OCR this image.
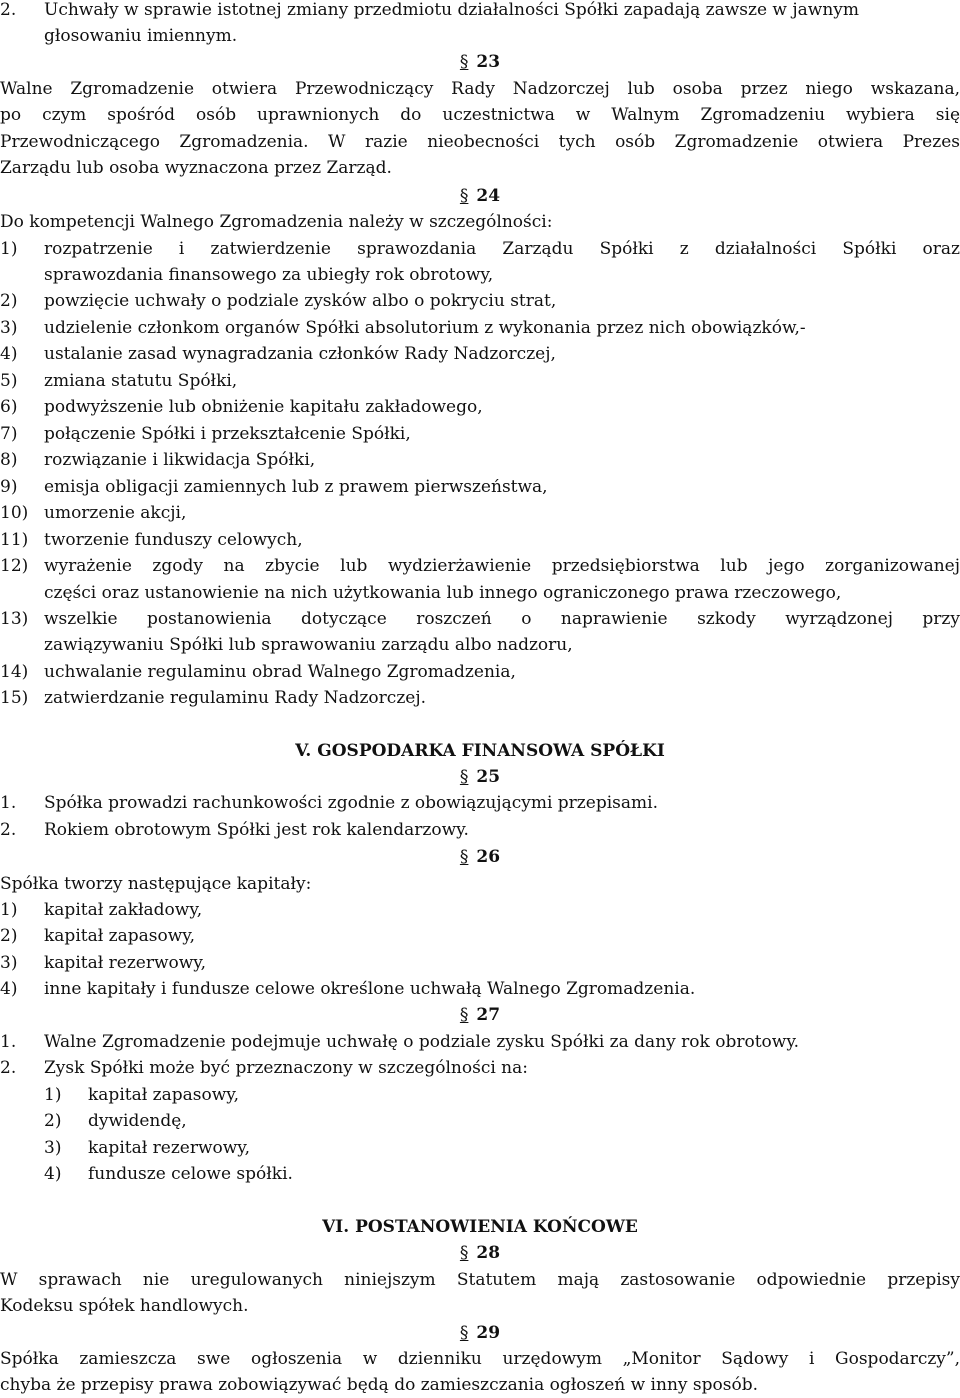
2. Uchwały w sprawie istotnej zmiany przedmiotu działalności Spółki zapadają zawsze w jawnym
głosowaniu imiennym.
§ 23
Walne Zgromadzenie otwiera Przewodniczący Rady Nadzorczej lub osoba przez niego wskazana,
po czym spośród osób uprawnionych do uczestnictwa w Walnym Zgromadzeniu wybiera się
Przewodniczącego Zgromadzenia. W razie nieobecności tych osób Zgromadzenie otwiera Prezes
Zarządu lub osoba wyznaczona przez Zarząd.
§ 24
Do kompetencji Walnego Zgromadzenia należy w szczególności:
1) rozpatrzenie i zatwierdzenie sprawozdania Zarządu Spółki z działalności Spółki oraz
sprawozdania finansowego za ubiegły rok obrotowy,
2) powzięcie uchwały o podziale zysków albo o pokryciu strat,
3) udzielenie członkom organów Spółki absolutorium z wykonania przez nich obowiązków,-
4) ustalanie zasad wynagradzania członków Rady Nadzorczej,
5) zmiana statutu Spółki,
6) podwyższenie lub obniżenie kapitału zakładowego,
7) połączenie Spółki i przekształcenie Spółki,
8) rozwiązanie i likwidacja Spółki,
9) emisja obligacji zamiennych lub z prawem pierwszeństwa,
10) umorzenie akcji,
11) tworzenie funduszy celowych,
12) wyrażenie zgody na zbycie lub wydzierżawienie przedsiębiorstwa lub jego zorganizowanej
części oraz ustanowienie na nich użytkowania lub innego ograniczonego prawa rzeczowego,
13) wszelkie postanowienia dotyczące roszczeń o naprawienie szkody wyrządzonej przy
zawiązywaniu Spółki lub sprawowaniu zarządu albo nadzoru,
14) uchwalanie regulaminu obrad Walnego Zgromadzenia,
15) zatwierdzanie regulaminu Rady Nadzorczej.
V. GOSPODARKA FINANSOWA SPÓŁKI
§ 25
1. Spółka prowadzi rachunkowości zgodnie z obowiązującymi przepisami.
2. Rokiem obrotowym Spółki jest rok kalendarzowy.
§ 26
Spółka tworzy następujące kapitały:
1) kapitał zakładowy,
2) kapitał zapasowy,
3) kapitał rezerwowy,
4) inne kapitały i fundusze celowe określone uchwałą Walnego Zgromadzenia.
§ 27
1. Walne Zgromadzenie podejmuje uchwałę o podziale zysku Spółki za dany rok obrotowy.
2. Zysk Spółki może być przeznaczony w szczególności na:
1) kapitał zapasowy,
2) dywidendę,
3) kapitał rezerwowy,
4) fundusze celowe spółki.
VI. POSTANOWIENIA KOŃCOWE
§ 28
W sprawach nie uregulowanych niniejszym Statutem mają zastosowanie odpowiednie przepisy
Kodeksu spółek handlowych.
§ 29
Spółka zamieszcza swe ogłoszenia w dzienniku urzędowym „Monitor Sądowy i Gospodarczy”,
chyba że przepisy prawa zobowiązywać będą do zamieszczania ogłoszeń w inny sposób.
